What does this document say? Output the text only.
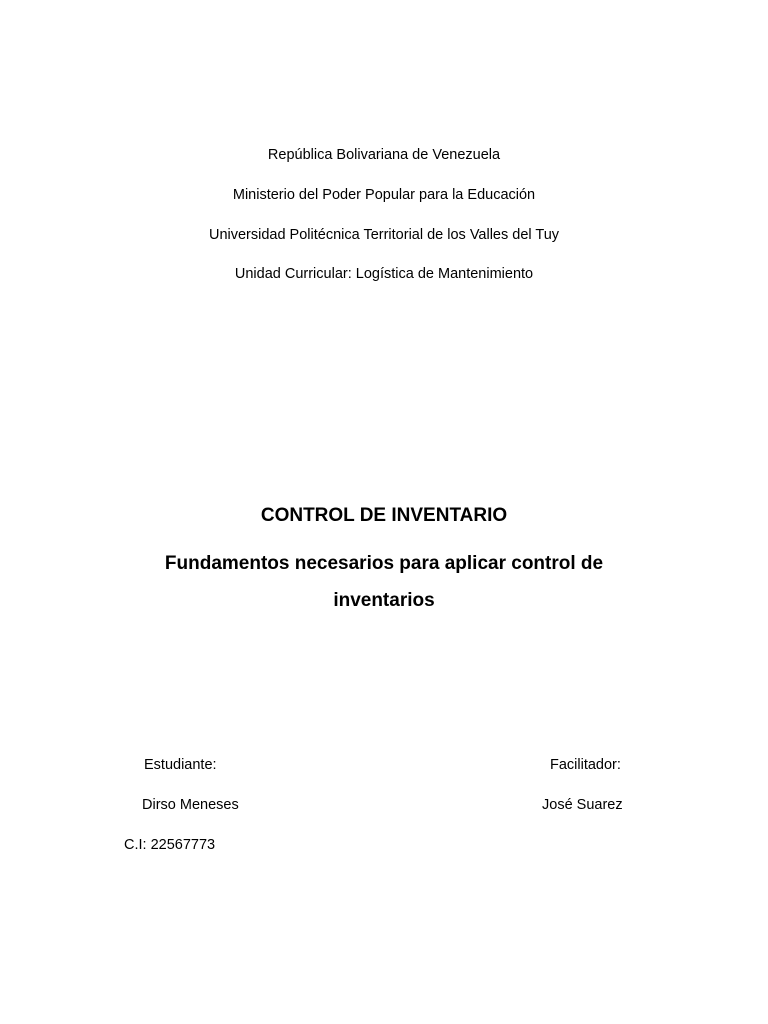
República Bolivariana de Venezuela
Ministerio del Poder Popular para la Educación
Universidad Politécnica Territorial de los Valles del Tuy
Unidad Curricular: Logística de Mantenimiento
CONTROL DE INVENTARIO
Fundamentos necesarios para aplicar control de
inventarios
Estudiante:
Dirso Meneses
C.I: 22567773
Facilitador:
José Suarez
